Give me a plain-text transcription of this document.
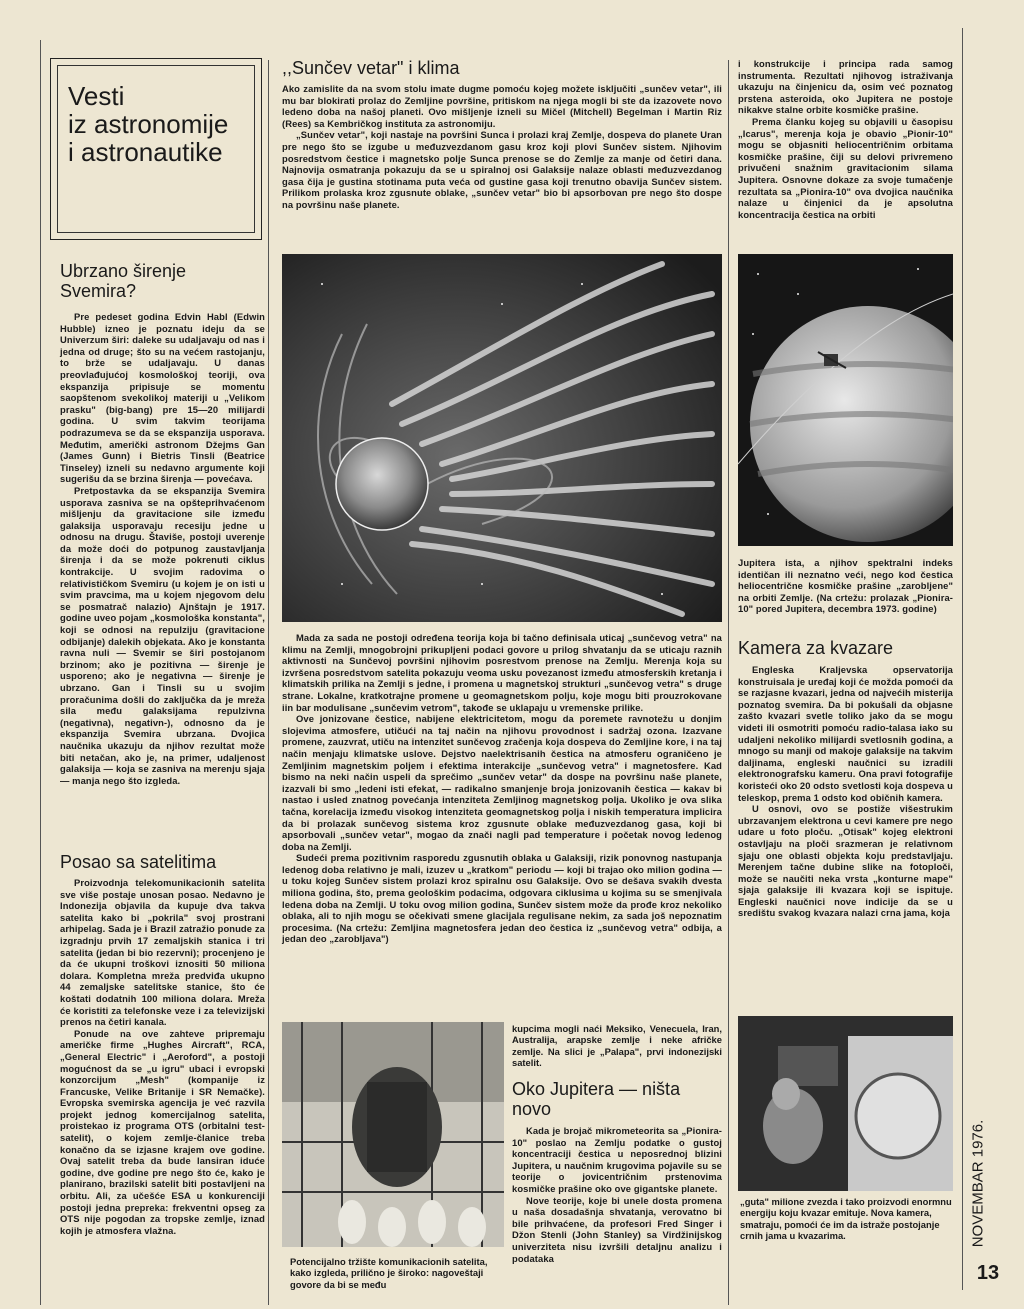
Vesti
iz astronomije
i astronautike
Ubrzano širenje
Svemira?

Pre pedeset godina Edvin Habl (Edwin Hubble) izneo je poznatu ideju da se Univerzum širi: daleke su udaljavaju od nas i jedna od druge; što su na većem rastojanju, to brže se udaljavaju. U danas preovlađujućoj kosmološkoj teoriji, ova ekspanzija pripisuje se momentu saopštenom svekolikoj materiji u „Velikom prasku" (big-bang) pre 15—20 milijardi godina. U svim takvim teorijama podrazumeva se da se ekspanzija usporava. Međutim, američki astronom Džejms Gan (James Gunn) i Bietris Tinsli (Beatrice Tinseley) izneli su nedavno argumente koji sugerišu da se brzina širenja — povećava.

Pretpostavka da se ekspanzija Svemira usporava zasniva se na opšteprihvaćenom mišljenju da gravitacione sile između galaksija usporavaju recesiju jedne u odnosu na drugu. Štaviše, postoji uverenje da može doći do potpunog zaustavljanja širenja i da se može pokrenuti ciklus kontrakcije. U svojim radovima o relativističkom Svemiru (u kojem je on isti u svim pravcima, ma u kojem njegovom delu se posmatrač nalazio) Ajnštajn je 1917. godine uveo pojam „kosmološka konstanta", koji se odnosi na repulziju (gravitacione odbijanje) dalekih objekata. Ako je konstanta ravna nuli — Svemir se širi postojanom brzinom; ako je pozitivna — širenje je usporeno; ako je negativna — širenje je ubrzano. Gan i Tinsli su u svojim proračunima došli do zaključka da je mreža sila među galaksijama repulzivna (negativna), negativn-), odnosno da je ekspanzija Svemira ubrzana. Dvojica naučnika ukazuju da njihov rezultat može biti netačan, ako je, na primer, udaljenost galaksija — koja se zasniva na merenju sjaja — manja nego što izgleda.

Posao sa satelitima

Proizvodnja telekomunikacionih satelita sve više postaje unosan posao. Nedavno je Indonezija objavila da kupuje dva takva satelita kako bi „pokrila" svoj prostrani arhipelag. Sada je i Brazil zatražio ponude za izgradnju prvih 17 zemaljskih stanica i tri satelita (jedan bi bio rezervni); procenjeno je da će ukupni troškovi iznositi 50 miliona dolara. Kompletna mreža predviđa ukupno 44 zemaljske satelitske stanice, što će koštati dodatnih 100 miliona dolara. Mreža će koristiti za telefonske veze i za televizijski prenos na četiri kanala.

Ponude na ove zahteve pripremaju američke firme „Hughes Aircraft", RCA, „General Electric" i „Aeroford", a postoji mogućnost da se „u igru" ubaci i evropski konzorcijum „Mesh" (kompanije iz Francuske, Velike Britanije i SR Nemačke). Evropska svemirska agencija je već razvila projekt jednog komercijalnog satelita, proistekao iz programa OTS (orbitalni test-satelit), o kojem zemlje-članice treba konačno da se izjasne krajem ove godine. Ovaj satelit treba da bude lansiran iduće godine, dve godine pre nego što će, kako je planirano, brazilski satelit biti postavljeni na orbitu. Ali, za učešće ESA u konkurenciji postoji jedna prepreka: frekventni opseg za OTS nije pogodan za tropske zemlje, iznad kojih je atmosfera vlažna.

,,Sunčev vetar" i klima

Ako zamislite da na svom stolu imate dugme pomoću kojeg možete isključiti „sunčev vetar", ili mu bar blokirati prolaz do Zemljine površine, pritiskom na njega mogli bi ste da izazovete novo ledeno doba na našoj planeti. Ovo mišljenje izneli su Mičel (Mitchell) Begelman i Martin Riz (Rees) sa Kembričkog instituta za astronomiju.

„Sunčev vetar", koji nastaje na površini Sunca i prolazi kraj Zemlje, dospeva do planete Uran pre nego što se izgube u međuzvezdanom gasu kroz koji plovi Sunčev sistem. Njihovim posredstvom čestice i magnetsko polje Sunca prenose se do Zemlje za manje od četiri dana. Najnovija osmatranja pokazuju da se u spiralnoj osi Galaksije nalaze oblasti međuzvezdanog gasa čija je gustina stotinama puta veća od gustine gasa koji trenutno obavija Sunčev sistem. Prilikom prolaska kroz zgusnute oblake, „sunčev vetar" bio bi apsorbovan pre nego što dospe na površinu naše planete.

Mada za sada ne postoji određena teorija koja bi tačno definisala uticaj „sunčevog vetra" na klimu na Zemlji, mnogobrojni prikupljeni podaci govore u prilog shvatanju da se uticaju raznih aktivnosti na Sunčevoj površini njihovim posrestvom prenose na Zemlju. Merenja koja su izvršena posredstvom satelita pokazuju veoma usku povezanost između atmosferskih kretanja i klimatskih prilika na Zemlji s jedne, i promena u magnetskoj strukturi „sunčevog vetra" s druge strane. Lokalne, kratkotrajne promene u geomagnetskom polju, koje mogu biti prouzrokovane iin bar modulisane „sunčevim vetrom", takođe se uklapaju u vremenske prilike.

Ove jonizovane čestice, nabijene elektricitetom, mogu da poremete ravnotežu u donjim slojevima atmosfere, utičući na taj način na njihovu provodnost i sadržaj ozona. Izazvane promene, zauzvrat, utiču na intenzitet sunčevog zračenja koja dospeva do Zemljine kore, i na taj način menjaju klimatske uslove. Dejstvo naelektrisanih čestica na atmosferu ograničeno je Zemljinim magnetskim poljem i efektima interakcije „sunčevog vetra" i magnetosfere. Kad bismo na neki način uspeli da sprečimo „sunčev vetar" da dospe na površinu naše planete, izazvali bi smo „ledeni isti efekat, — radikalno smanjenje broja jonizovanih čestica — kakav bi nastao i usled znatnog povećanja intenziteta Zemljinog magnetskog polja. Ukoliko je ova slika tačna, korelacija između visokog intenziteta geomagnetskog polja i niskih temperatura implicira da bi prolazak sunčevog sistema kroz zgusnute oblake međuzvezdanog gasa, koji bi apsorbovali „sunčev vetar", mogao da znači nagli pad temperature i početak novog ledenog doba na Zemlji.

Sudeći prema pozitivnim rasporedu zgusnutih oblaka u Galaksiji, rizik ponovnog nastupanja ledenog doba relativno je mali, izuzev u „kratkom" periodu — koji bi trajao oko milion godina — u toku kojeg Sunčev sistem prolazi kroz spiralnu osu Galaksije. Ovo se dešava svakih dvesta miliona godina, što, prema geološkim podacima, odgovara ciklusima u kojima su se smenjivala ledena doba na Zemlji. U toku ovog milion godina, Sunčev sistem može da prođe kroz nekoliko oblaka, ali to njih mogu se očekivati smene glacijala regulisane nekim, za sada još nepoznatim procesima. (Na crtežu: Zemljina magnetosfera jedan deo čestica iz „sunčevog vetra" odbija, a jedan deo „zarobljava")

Potencijalno tržište komunikacionih satelita, kako izgleda, prilično je široko: nagoveštaji govore da bi se među
kupcima mogli naći Meksiko, Venecuela, Iran, Australija, arapske zemlje i neke afričke zemlje. Na slici je „Palapa", prvi indonezijski satelit.
Oko Jupitera — ništa
novo

Kada je brojač mikrometeorita sa „Pionira-10" poslao na Zemlju podatke o gustoj koncentraciji čestica u neposrednoj blizini Jupitera, u naučnim krugovima pojavile su se teorije o jovicentričnim prstenovima kosmičke prašine oko ove gigantske planete.

Nove teorije, koje bi unele dosta promena u naša dosadašnja shvatanja, verovatno bi bile prihvaćene, da profesori Fred Singer i Džon Stenli (John Stanley) sa Virdžinijskog univerziteta nisu izvršili detaljnu analizu i podataka

i konstrukcije i principa rada samog instrumenta. Rezultati njihovog istraživanja ukazuju na činjenicu da, osim već poznatog prstena asteroida, oko Jupitera ne postoje nikakve stalne orbite kosmičke prašine.

Prema članku kojeg su objavili u časopisu „Icarus", merenja koja je obavio „Pionir-10" mogu se objasniti heliocentričnim orbitama kosmičke prašine, čiji su delovi privremeno privučeni snažnim gravitacionim silama Jupitera. Osnovne dokaze za svoje tumačenje rezultata sa „Pionira-10" ova dvojica naučnika nalaze u činjenici da je apsolutna koncentracija čestica na orbiti

Jupitera ista, a njihov spektralni indeks identičan ili neznatno veći, nego kod čestica heliocentrične kosmičke prašine „zarobljene" na orbiti Zemlje. (Na crtežu: prolazak „Pionira-10" pored Jupitera, decembra 1973. godine)
Kamera za kvazare

Engleska Kraljevska opservatorija konstruisala je uređaj koji će možda pomoći da se razjasne kvazari, jedna od najvećih misterija poznatog svemira. Da bi pokušali da objasne zašto kvazari svetle toliko jako da se mogu videti ili osmotriti pomoću radio-talasa iako su udaljeni nekoliko milijardi svetlosnih godina, a mnogo su manji od makoje galaksije na takvim daljinama, engleski naučnici su izradili elektronografsku kameru. Ona pravi fotografije koristeći oko 20 odsto svetlosti koja dospeva u teleskop, prema 1 odsto kod običnih kamera.

U osnovi, ovo se postiže višestrukim ubrzavanjem elektrona u cevi kamere pre nego udare u foto ploču. „Otisak" kojeg elektroni ostavljaju na ploči srazmeran je relativnom sjaju one oblasti objekta koju predstavljaju. Merenjem tačne dubine slike na fotoploči, može se naučiti neka vrsta „konturne mape" sjaja galaksije ili kvazara koji se ispituje. Engleski naučnici nove indicije da se u središtu svakog kvazara nalazi crna jama, koja

„guta" milione zvezda i tako proizvodi enormnu energiju koju kvazar emituje. Nova kamera, smatraju, pomoći će im da istraže postojanje crnih jama u kvazarima.	NOVEMBAR 1976.
13
